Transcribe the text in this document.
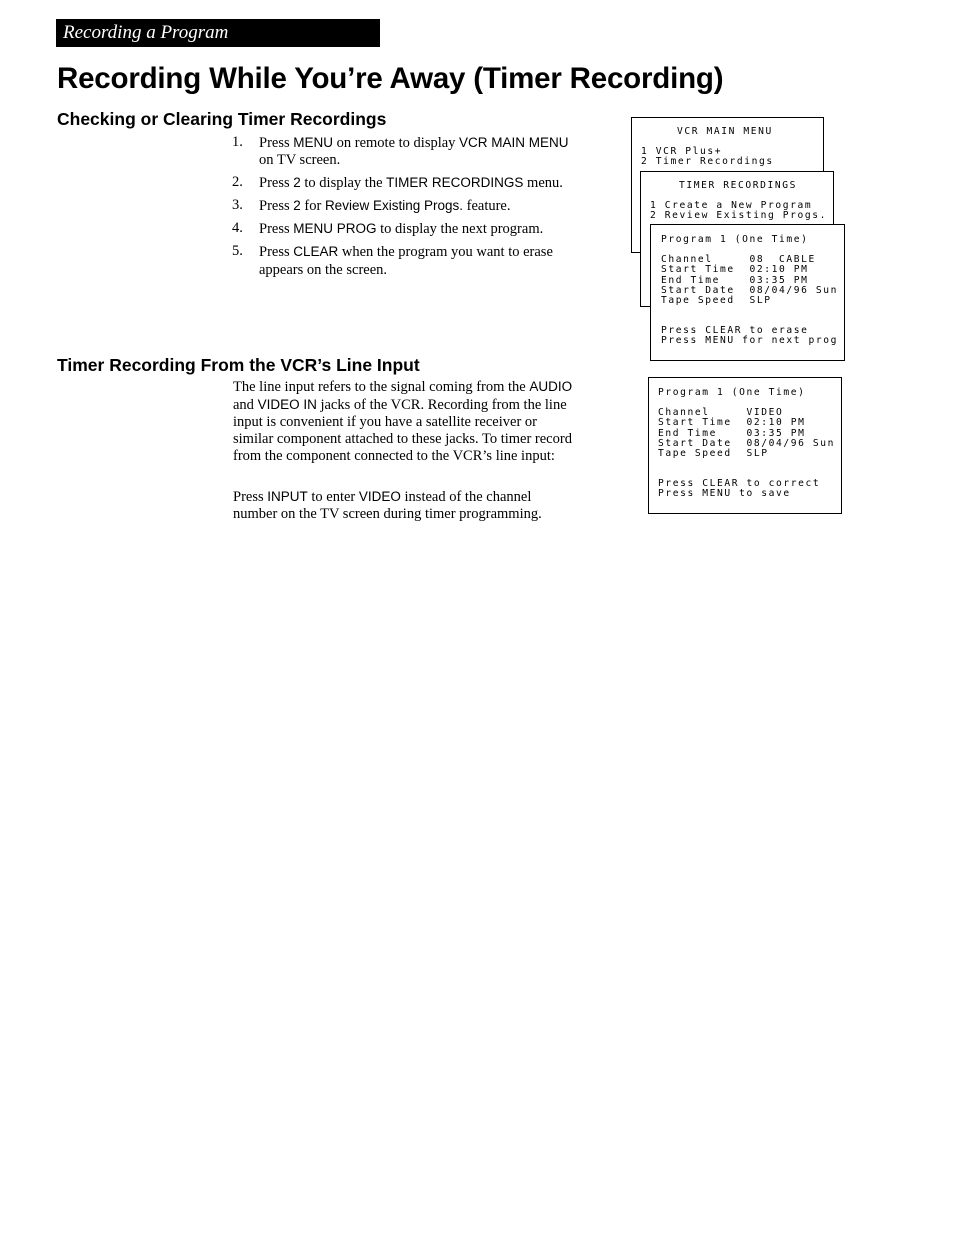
Recording a Program
Recording While You’re Away (Timer Recording)
Checking or Clearing Timer Recordings
1. Press MENU on remote to display VCR MAIN MENU on TV screen.
2. Press 2 to display the TIMER RECORDINGS menu.
3. Press 2 for Review Existing Progs. feature.
4. Press MENU PROG to display the next program.
5. Press CLEAR when the program you want to erase appears on the screen.
Timer Recording From the VCR’s Line Input

The line input refers to the signal coming from the AUDIO and VIDEO IN jacks of the VCR. Recording from the line input is convenient if you have a satellite receiver or similar component attached to these jacks. To timer record from the component connected to the VCR’s line input:

Press INPUT to enter VIDEO instead of the channel number on the TV screen during timer programming.

VCR MAIN MENU
1 VCR Plus+
2 Timer Recordings
TIMER RECORDINGS
1 Create a New Program
2 Review Existing Progs.
Program 1 (One Time)
Channel     08  CABLE
Start Time  02:10 PM
End Time    03:35 PM
Start Date  08/04/96 Sun
Tape Speed  SLP
Press CLEAR to erase
Press MENU for next prog
Program 1 (One Time)
Channel     VIDEO
Start Time  02:10 PM
End Time    03:35 PM
Start Date  08/04/96 Sun
Tape Speed  SLP
Press CLEAR to correct
Press MENU to save
